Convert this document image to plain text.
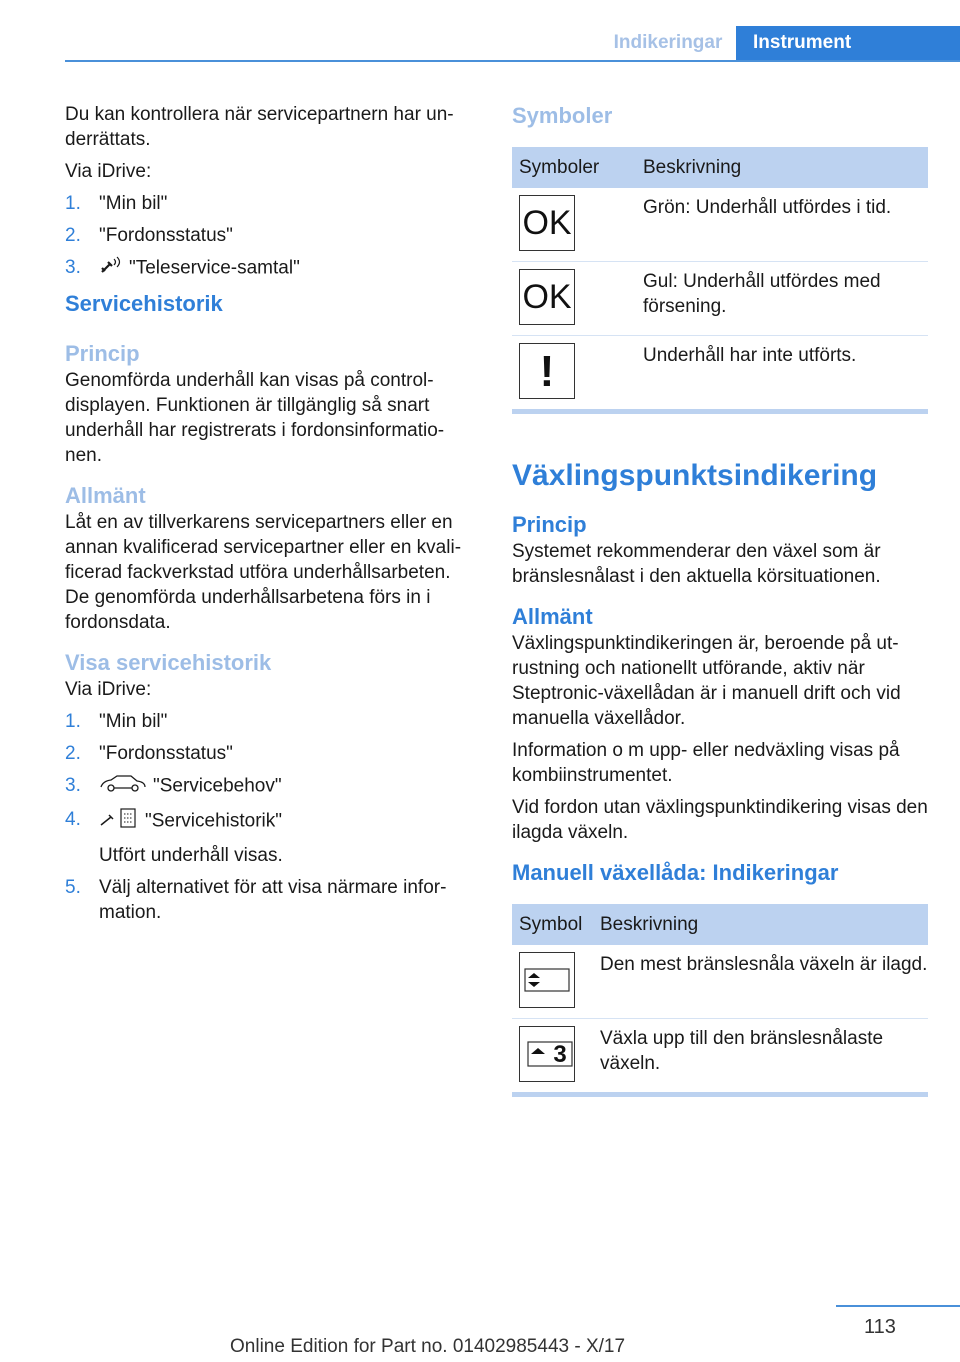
Indikeringar	Instrument

Du kan kontrollera när servicepartnern har un-derrättats.

Via iDrive:

1. "Min bil"
2. "Fordonsstatus"
3.	"Teleservice-samtal"
Servicehistorik
Princip

Genomförda underhåll kan visas på control-displayen. Funktionen är tillgänglig så snart underhåll har registrerats i fordonsinformatio-nen.

Allmänt

Låt en av tillverkarens servicepartners eller en annan kvalificerad servicepartner eller en kvali-ficerad fackverkstad utföra underhållsarbeten. De genomförda underhållsarbetena förs in i fordonsdata.

Visa servicehistorik

Via iDrive:

1. "Min bil"
2. "Fordonsstatus"
3.	"Servicebehov"
4.	"Servicehistorik"
Utfört underhåll visas.
5. Välj alternativet för att visa närmare infor-mation.
Symboler
Symboler	Beskrivning

OK	Grön: Underhåll utfördes i tid.

OK	Gul: Underhåll utfördes med försening.

!	Underhåll har inte utförts.
Växlingspunktsindikering
Princip

Systemet rekommenderar den växel som är bränslesnålast i den aktuella körsituationen.

Allmänt

Växlingspunktindikeringen är, beroende på ut-rustning och nationellt utförande, aktiv när Steptronic-växellådan är i manuell drift och vid manuella växellådor.

Information o m upp- eller nedväxling visas på kombiinstrumentet.

Vid fordon utan växlingspunktindikering visas den ilagda växeln.

Manuell växellåda: Indikeringar
Symbol	Beskrivning

	Den mest bränslesnåla växeln är ilagd.

3	Växla upp till den bränslesnålaste växeln.
113
Online Edition for Part no. 01402985443 - X/17
